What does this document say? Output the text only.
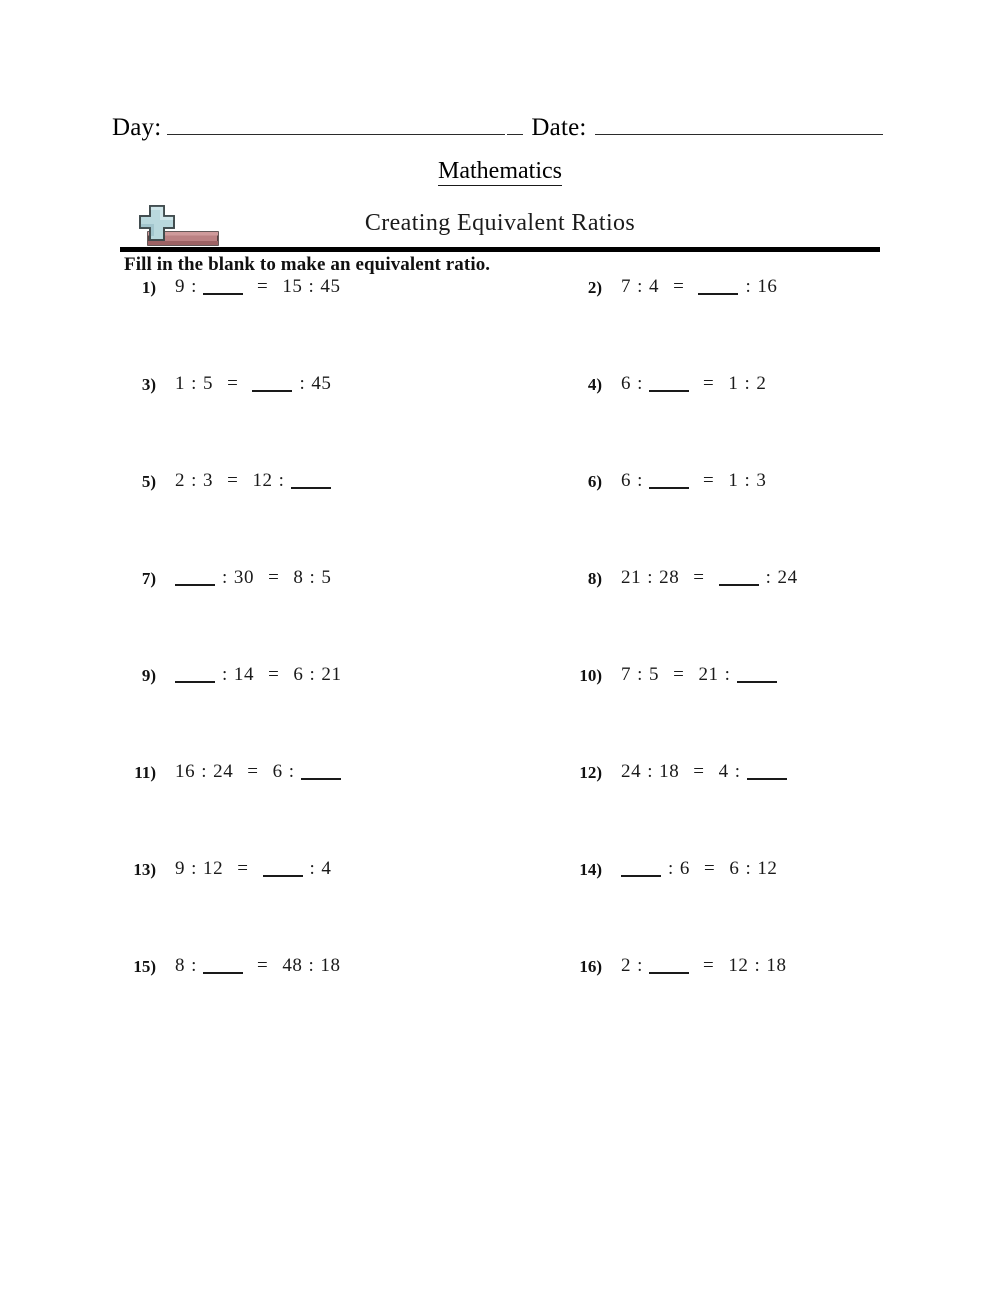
Day:	Date:
Mathematics
Creating Equivalent Ratios
Fill in the blank to make an equivalent ratio.
1)	9 :	= 15 : 45	2)	7 : 4 =	: 16
3)	1 : 5 =	: 45	4)	6 :	= 1 : 2
5)	2 : 3 = 12 :	6)	6 :	= 1 : 3
7)	: 30 = 8 : 5	8)	21 : 28 =	: 24
9)	: 14 = 6 : 21	10)	7 : 5 = 21 :
11)	16 : 24 = 6 :	12)	24 : 18 = 4 :
13)	9 : 12 =	: 4	14)	: 6 = 6 : 12
15)	8 :	= 48 : 18	16)	2 :	= 12 : 18
